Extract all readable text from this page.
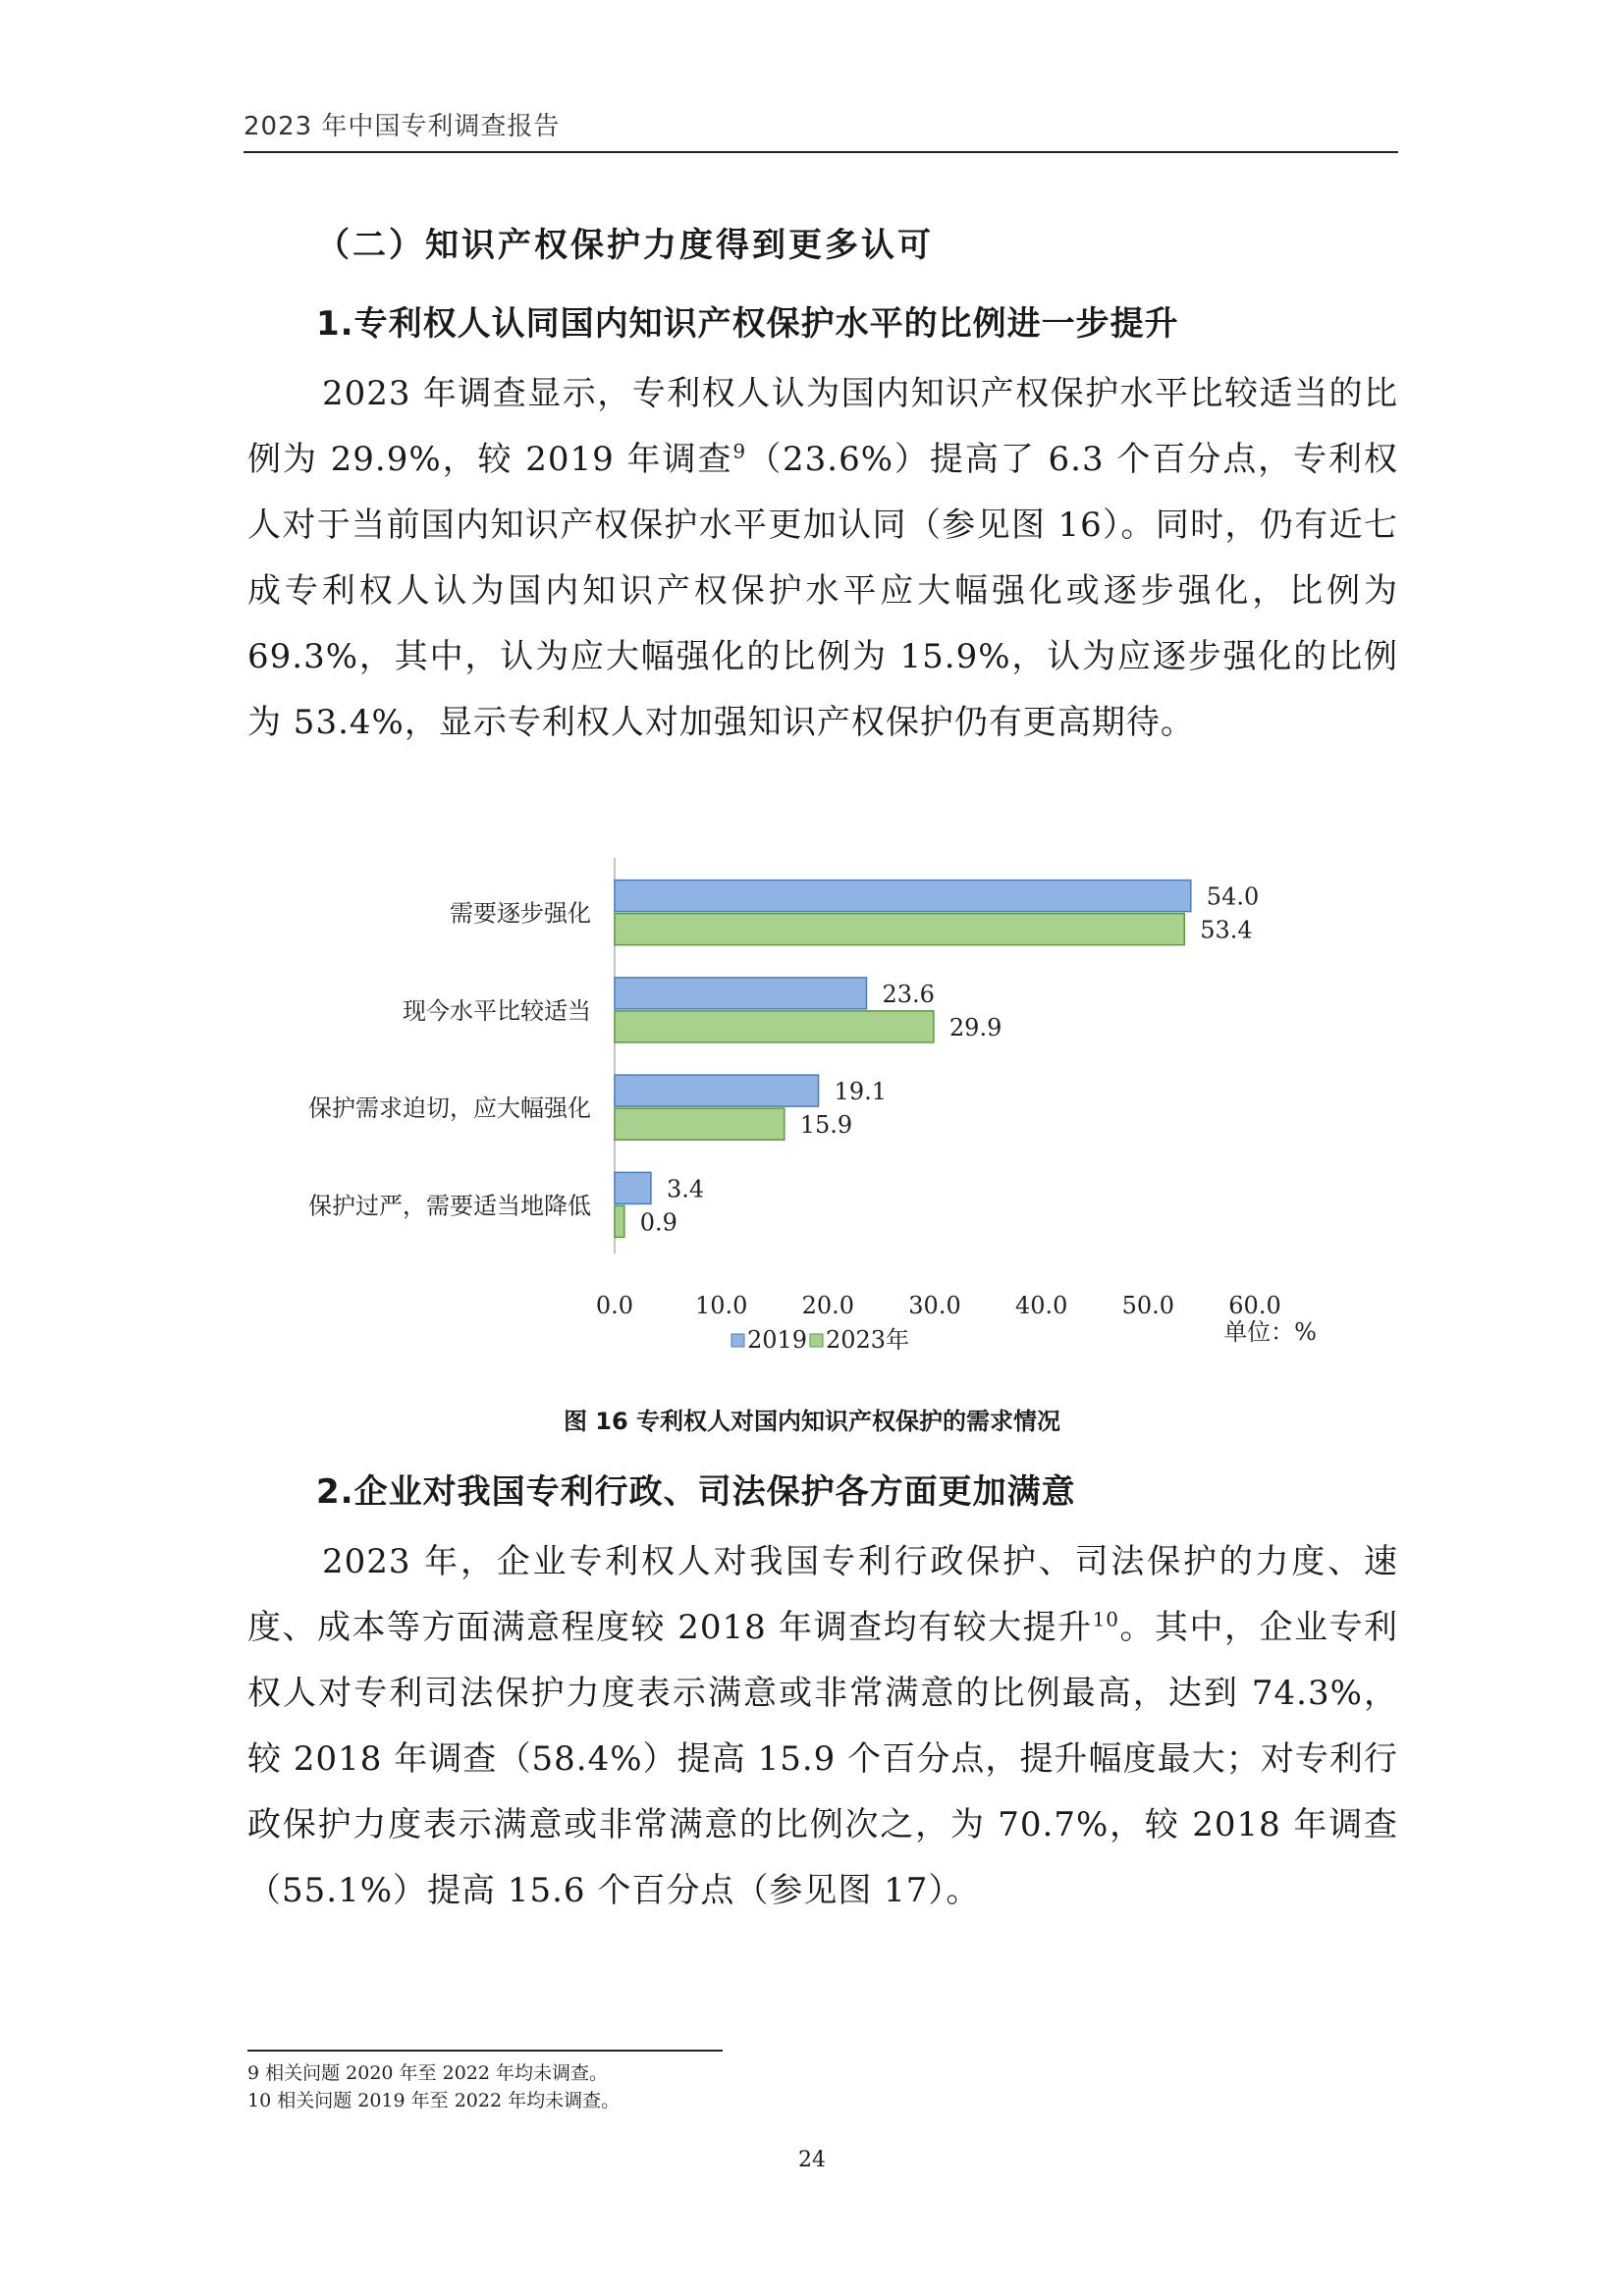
2023 年中国专利调查报告
（二）知识产权保护力度得到更多认可
1.专利权人认同国内知识产权保护水平的比例进一步提升

2023 年调查显示，专利权人认为国内知识产权保护水平比较适当的比例为 29.9%，较 2019 年调查$^9$（23.6%）提高了 6.3 个百分点，专利权人对于当前国内知识产权保护水平更加认同（参见图 16）。同时，仍有近七成专利权人认为国内知识产权保护水平应大幅强化或逐步强化，比例为 69.3%，其中，认为应大幅强化的比例为 15.9%，认为应逐步强化的比例为 53.4%，显示专利权人对加强知识产权保护仍有更高期待。

需要逐步强化
54.0
53.4
现今水平比较适当
23.6
29.9
保护需求迫切，应大幅强化
19.1
15.9
保护过严，需要适当地降低
3.4
0.9
0.0	10.0 20.0 30.0 40.0 50.0 60.0
2019 2023年	单位：%
图 16 专利权人对国内知识产权保护的需求情况
2.企业对我国专利行政、司法保护各方面更加满意

2023 年，企业专利权人对我国专利行政保护、司法保护的力度、速度、成本等方面满意程度较 2018 年调查均有较大提升$^{10}$。其中，企业专利权人对专利司法保护力度表示满意或非常满意的比例最高，达到 74.3%，较 2018 年调查（58.4%）提高 15.9 个百分点，提升幅度最大；对专利行政保护力度表示满意或非常满意的比例次之，为 70.7%，较 2018 年调查（55.1%）提高 15.6 个百分点（参见图 17）。

9 相关问题 2020 年至 2022 年均未调查。
10 相关问题 2019 年至 2022 年均未调查。
24
